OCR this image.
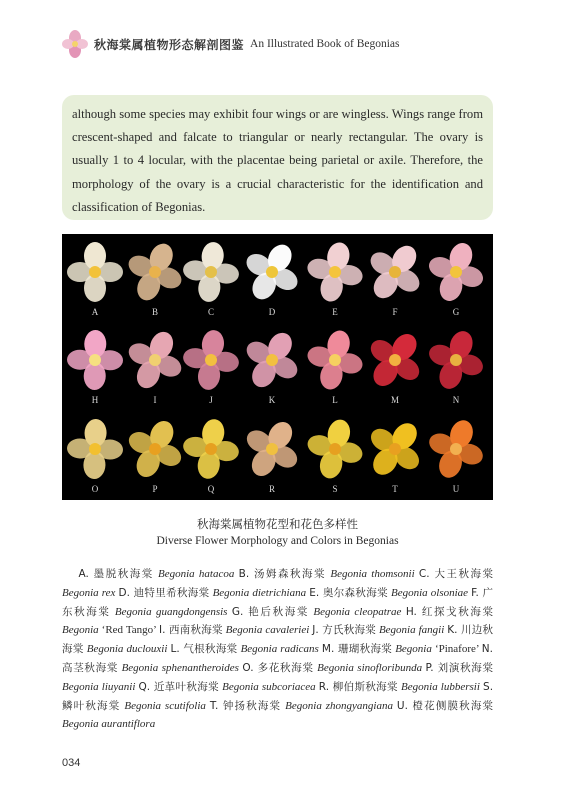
秋海棠属植物形态解剖图鉴 An Illustrated Book of Begonias

although some species may exhibit four wings or are wingless. Wings range from crescent-shaped and falcate to triangular or nearly rectangular. The ovary is usually 1 to 4 locular, with the placentae being parietal or axile. Therefore, the morphology of the ovary is a crucial characteristic for the identification and classification of Begonias.

A	B	C	D	E	F	G
H	I	J	K	L	M	N
O	P	Q	R	S	T	U
秋海棠属植物花型和花色多样性
Diverse Flower Morphology and Colors in Begonias
A. 墨脱秋海棠 Begonia hatacoa B. 汤姆森秋海棠 Begonia thomsonii C. 大王秋海棠 Begonia rex D. 迪特里希秋海棠 Begonia dietrichiana E. 奥尔森秋海棠 Begonia olsoniae F. 广东秋海棠 Begonia guangdongensis G. 艳后秋海棠 Begonia cleopatrae H. 红探戈秋海棠 Begonia ‘Red Tango’ I. 西南秋海棠 Begonia cavaleriei J. 方氏秋海棠 Begonia fangii K. 川边秋海棠 Begonia duclouxii L. 气根秋海棠 Begonia radicans M. 珊瑚秋海棠 Begonia ‘Pinafore’ N. 高茎秋海棠 Begonia sphenantheroides O. 多花秋海棠 Begonia sinofloribunda P. 刘演秋海棠 Begonia liuyanii Q. 近革叶秋海棠 Begonia subcoriacea R. 柳伯斯秋海棠 Begonia lubbersii S. 鳞叶秋海棠 Begonia scutifolia T. 钟扬秋海棠 Begonia zhongyangiana U. 橙花侧膜秋海棠 Begonia aurantiflora
034
